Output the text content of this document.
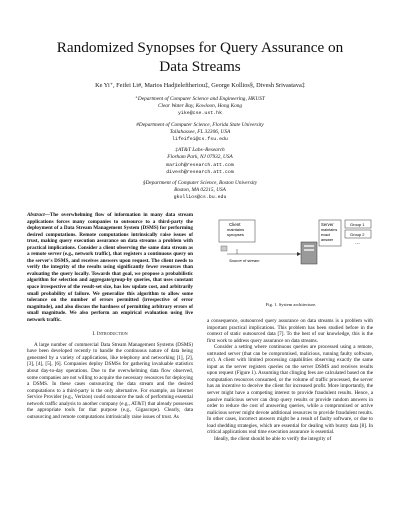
Randomized Synopses for Query Assurance on
Data Streams
Ke Yi⁺, Feifei Li#, Marios Hadjieleftheriou‡, George Kollios§, Divesh Srivastava‡
⁺Department of Computer Science and Engineering, HKUST
Clear Water Bay, Kowloon, Hong Kong
yike@cse.ust.hk
#Department of Computer Science, Florida State University
Tallahassee, FL 32306, USA
lifeifei@cs.fsu.edu
‡AT&T Labs–Research
Florham Park, NJ 07932, USA
marioh@research.att.com
divesh@research.att.com
§Department of Computer Science, Boston University
Boston, MA 02215, USA
gkollios@cs.bu.edu
Abstract—The overwhelming flow of information in many data stream applications forces many companies to outsource to a third-party the deployment of a Data Stream Management System (DSMS) for performing desired computations. Remote computations intrinsically raise issues of trust, making query execution assurance on data streams a problem with practical implications. Consider a client observing the same data stream as a remote server (e.g., network traffic), that registers a continuous query on the server's DSMS, and receives answers upon request. The client needs to verify the integrity of the results using significantly fewer resources than evaluating the query locally. Towards that goal, we propose a probabilistic algorithm for selection and aggregate/group-by queries, that uses constant space irrespective of the result-set size, has low update cost, and arbitrarily small probability of failure. We generalize this algorithm to allow some tolerance on the number of errors permitted (irrespective of error magnitude), and also discuss the hardness of permitting arbitrary errors of small magnitude. We also perform an empirical evaluation using live network traffic.
I. Introduction

A large number of commercial Data Stream Management Systems (DSMS) have been developed recently to handle the continuous nature of data being generated by a variety of applications, like telephony and networking [1], [2], [3], [4], [5], [6]. Companies deploy DSMSs for gathering invaluable statistics about day-to-day operations. Due to the overwhelming data flow observed, some companies are not willing to acquire the necessary resources for deploying a DSMS. In these cases outsourcing the data stream and the desired computations to a third-party is the only alternative. For example, an Internet Service Provider (e.g., Verizon) could outsource the task of performing essential network traffic analysis to another company (e.g., AT&T) that already possesses the appropriate tools for that purpose (e.g., Gigascope). Clearly, data outsourcing and remote computations intrinsically raise issues of trust. As

Client
maintains
synopses
Source of stream
Server
maintains
exact
answer
Group 1
Group 2
…
Fig. 1. System architecture.

a consequence, outsourced query assurance on data streams is a problem with important practical implications. This problem has been studied before in the context of static outsourced data [7]. To the best of our knowledge, this is the first work to address query assurance on data streams.

Consider a setting where continuous queries are processed using a remote, untrusted server (that can be compromised, malicious, running faulty software, etc). A client with limited processing capabilities observing exactly the same input as the server registers queries on the server DSMS and receives results upon request (Figure 1). Assuming that clinging fees are calculated based on the computation resources consumed, or the volume of traffic processed, the server has an incentive to deceive the client for increased profit. More importantly, the server might have a competing interest to provide fraudulent results. Hence, a passive malicious server can drop query results or provide random answers in order to reduce the cost of answering queries, while a compromised or active malicious server might devote additional resources to provide fraudulent results. In other cases, incorrect answers might be a result of faulty software, or due to load shedding strategies, which are essential for dealing with bursty data [8]. In critical applications real time execution assurance is essential.

Ideally, the client should be able to verify the integrity of
